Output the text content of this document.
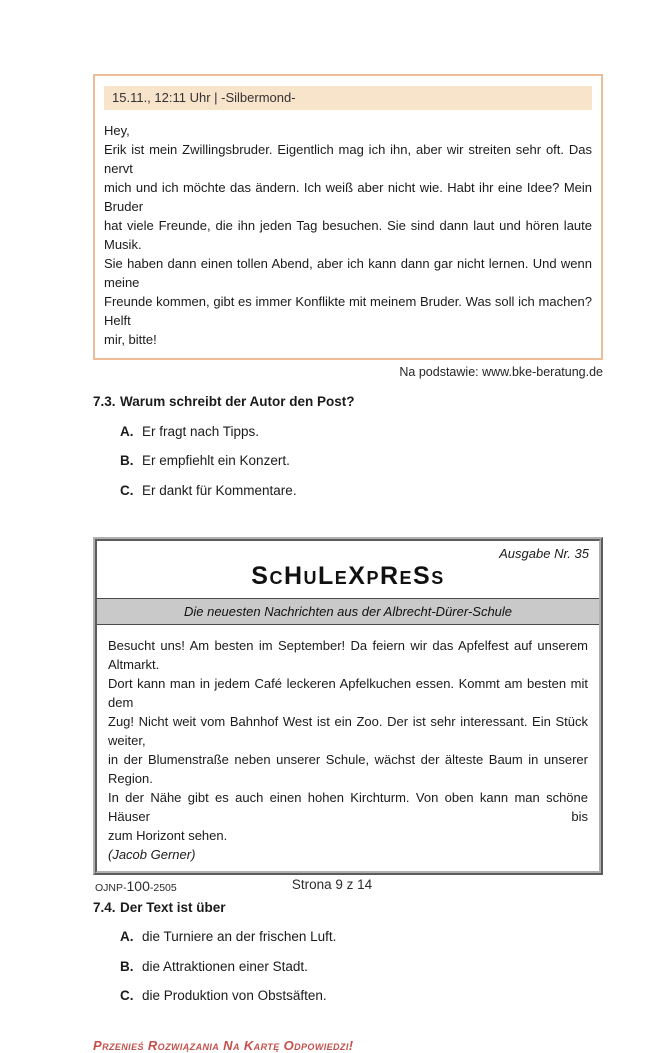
15.11., 12:11 Uhr | -Silbermond-
Hey,
Erik ist mein Zwillingsbruder. Eigentlich mag ich ihn, aber wir streiten sehr oft. Das nervt
mich und ich möchte das ändern. Ich weiß aber nicht wie. Habt ihr eine Idee? Mein Bruder
hat viele Freunde, die ihn jeden Tag besuchen. Sie sind dann laut und hören laute Musik.
Sie haben dann einen tollen Abend, aber ich kann dann gar nicht lernen. Und wenn meine
Freunde kommen, gibt es immer Konflikte mit meinem Bruder. Was soll ich machen? Helft
mir, bitte!
Na podstawie: www.bke-beratung.de
7.3. Warum schreibt der Autor den Post?
A. Er fragt nach Tipps.
B. Er empfiehlt ein Konzert.
C. Er dankt für Kommentare.
Ausgabe Nr. 35
ScHuLeXpReSs
Die neuesten Nachrichten aus der Albrecht-Dürer-Schule
Besucht uns! Am besten im September! Da feiern wir das Apfelfest auf unserem Altmarkt.
Dort kann man in jedem Café leckeren Apfelkuchen essen. Kommt am besten mit dem
Zug! Nicht weit vom Bahnhof West ist ein Zoo. Der ist sehr interessant. Ein Stück weiter,
in der Blumenstraße neben unserer Schule, wächst der älteste Baum in unserer Region.
In der Nähe gibt es auch einen hohen Kirchturm. Von oben kann man schöne Häuser bis
zum Horizont sehen.
(Jacob Gerner)
7.4. Der Text ist über
A. die Turniere an der frischen Luft.
B. die Attraktionen einer Stadt.
C. die Produktion von Obstsäften.
Przenieś Rozwiązania Na Kartę Odpowiedzi!
OJNP-100-2505	Strona 9 z 14
